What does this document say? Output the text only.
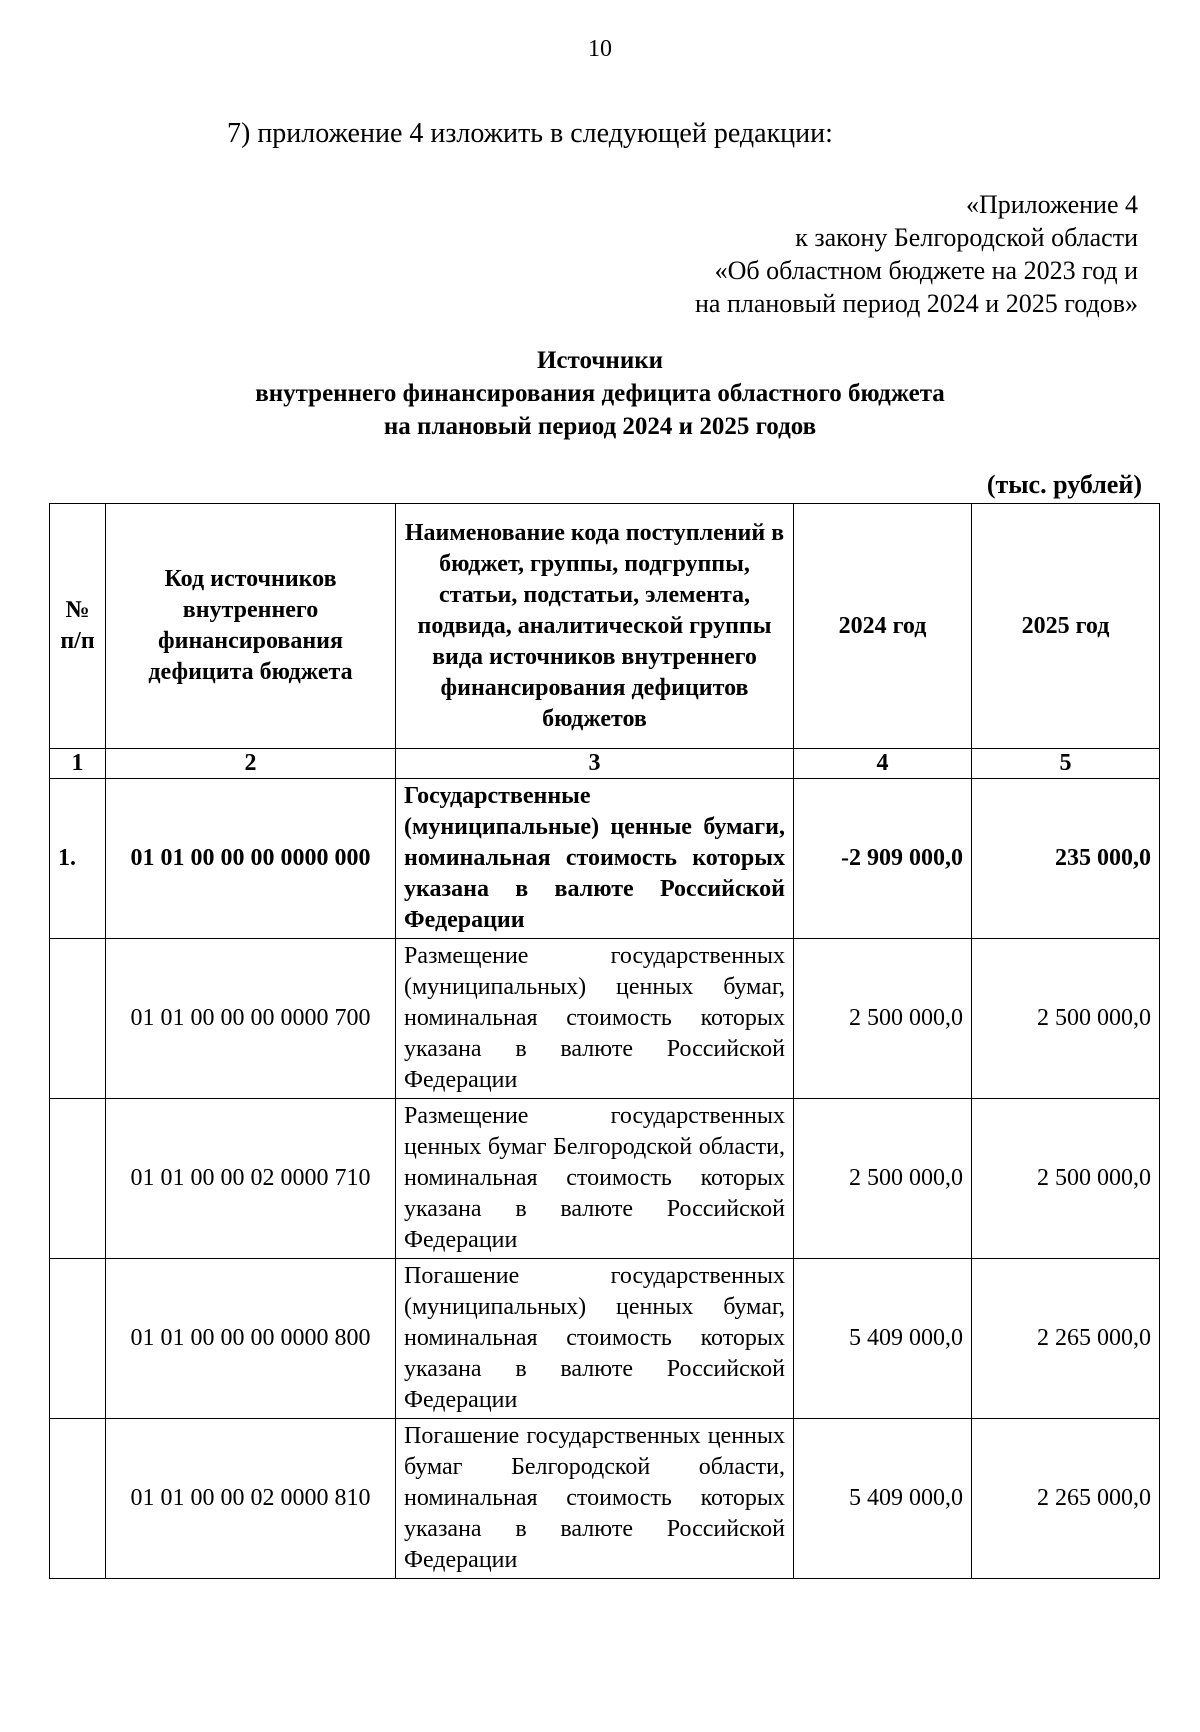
10
7) приложение 4 изложить в следующей редакции:
«Приложение 4
к закону Белгородской области
«Об областном бюджете на 2023 год и
на плановый период 2024 и 2025 годов»
Источники
внутреннего финансирования дефицита областного бюджета
на плановый период 2024 и 2025 годов
(тыс. рублей)
№ п/п	Код источников внутреннего финансирования дефицита бюджета	Наименование кода поступлений в бюджет, группы, подгруппы, статьи, подстатьи, элемента, подвида, аналитической группы вида источников внутреннего финансирования дефицитов бюджетов	2024 год	2025 год
1	2	3	4	5
1.	01 01 00 00 00 0000 000	Государственные (муниципальные) ценные бумаги, номинальная стоимость которых указана в валюте Российской Федерации	-2 909 000,0	235 000,0
	01 01 00 00 00 0000 700	Размещение государственных (муниципальных) ценных бумаг, номинальная стоимость которых указана в валюте Российской Федерации	2 500 000,0	2 500 000,0
	01 01 00 00 02 0000 710	Размещение государственных ценных бумаг Белгородской области, номинальная стоимость которых указана в валюте Российской Федерации	2 500 000,0	2 500 000,0
	01 01 00 00 00 0000 800	Погашение государственных (муниципальных) ценных бумаг, номинальная стоимость которых указана в валюте Российской Федерации	5 409 000,0	2 265 000,0
	01 01 00 00 02 0000 810	Погашение государственных ценных бумаг Белгородской области, номинальная стоимость которых указана в валюте Российской Федерации	5 409 000,0	2 265 000,0
